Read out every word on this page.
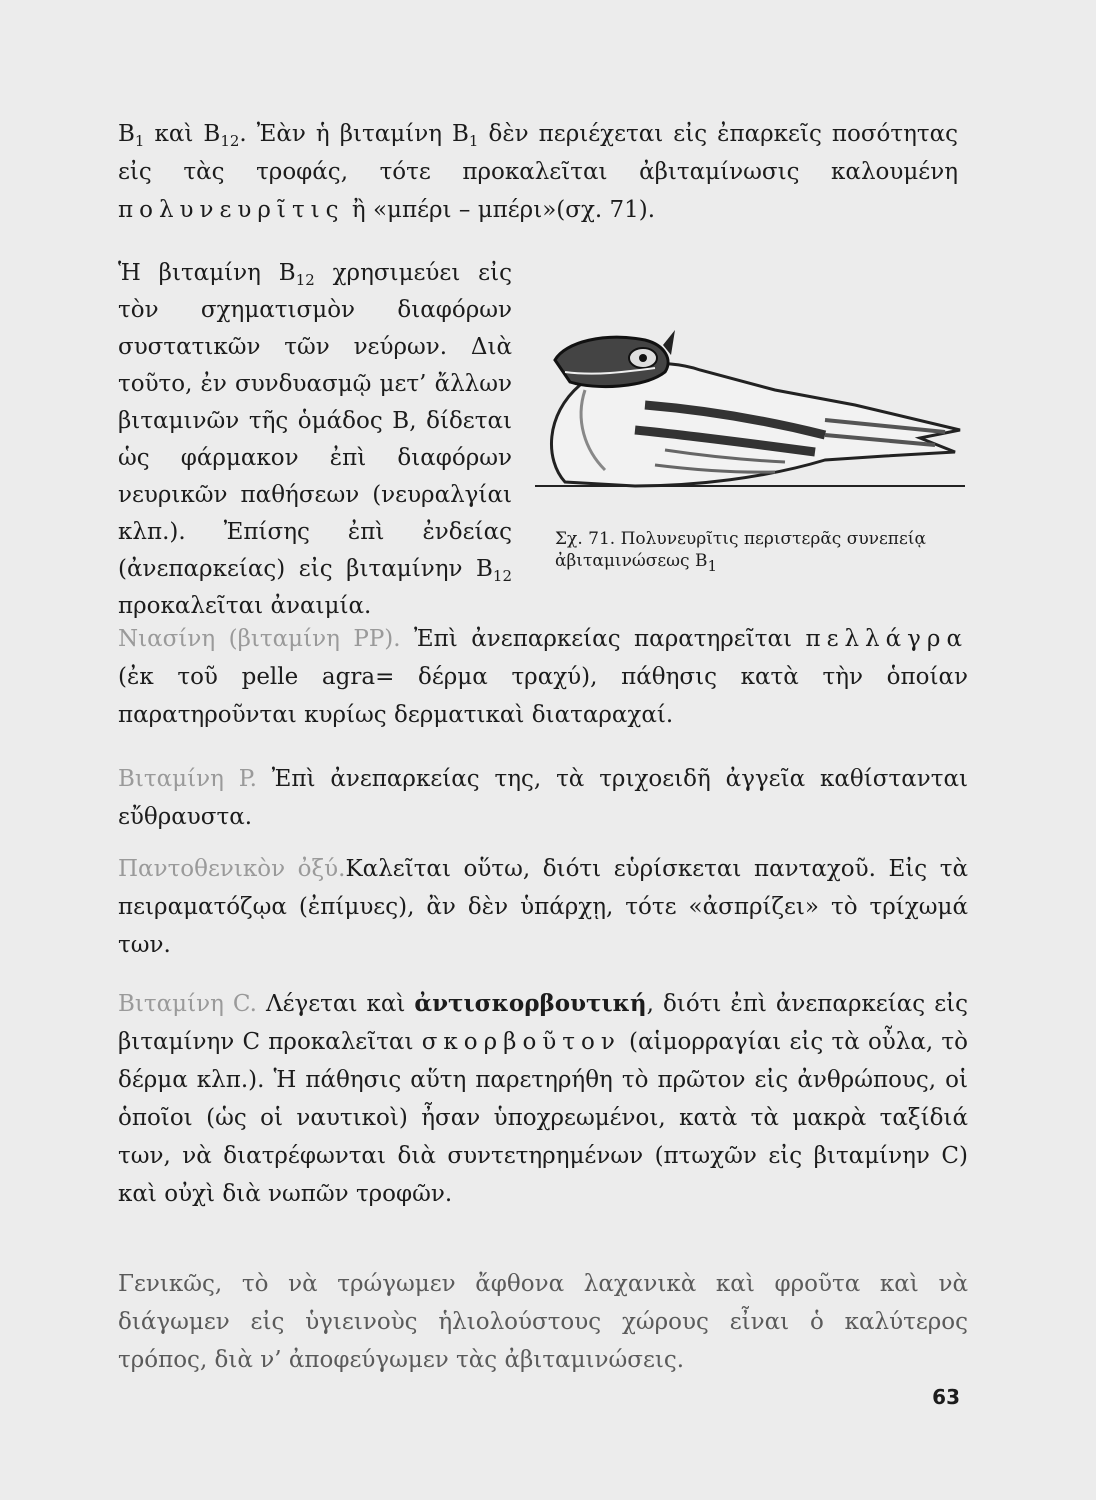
$B_1$ καὶ $B_{12}$. Ἐὰν ἡ βιταμίνη $B_1$ δὲν περιέχεται εἰς ἐπαρκεῖς ποσότητας εἰς τὰς τροφάς, τότε προκαλεῖται ἀβιταμίνωσις καλουμένη πολυνευρῖτις ἢ «μπέρι – μπέρι»(σχ. 71).

Ἡ βιταμίνη $B_{12}$ χρησιμεύει εἰς τὸν σχηματισμὸν διαφόρων συστατικῶν τῶν νεύρων. Διὰ τοῦτο, ἐν συνδυασμῷ μετ’ ἄλλων βιταμινῶν τῆς ὁμάδος B, δίδεται ὡς φάρμακον ἐπὶ διαφόρων νευρικῶν παθήσεων (νευραλγίαι κλπ.). Ἐπίσης ἐπὶ ἐνδείας (ἀνεπαρκείας) εἰς βιταμίνην $B_{12}$ προκαλεῖται ἀναιμία.

Σχ. 71. Πολυνευρῖτις περιστερᾶς συνεπείᾳ ἀβιταμινώσεως $B_1$

Νιασίνη (βιταμίνη PP). Ἐπὶ ἀνεπαρκείας παρατηρεῖται πελλάγρα (ἐκ τοῦ pelle agra= δέρμα τραχύ), πάθησις κατὰ τὴν ὁποίαν παρατηροῦνται κυρίως δερματικαὶ διαταραχαί.

Βιταμίνη P. Ἐπὶ ἀνεπαρκείας της, τὰ τριχοειδῆ ἀγγεῖα καθίστανται εὔθραυστα.

Παντοθενικὸν ὀξύ.Καλεῖται οὕτω, διότι εὑρίσκεται πανταχοῦ. Εἰς τὰ πειραματόζῳα (ἐπίμυες), ἂν δὲν ὑπάρχῃ, τότε «ἀσπρίζει» τὸ τρίχωμά των.

Βιταμίνη C. Λέγεται καὶ ἀντισκορβουτική, διότι ἐπὶ ἀνεπαρκείας εἰς βιταμίνην C προκαλεῖται σκορβοῦτον (αἱμορραγίαι εἰς τὰ οὖλα, τὸ δέρμα κλπ.). Ἡ πάθησις αὕτη παρετηρήθη τὸ πρῶτον εἰς ἀνθρώπους, οἱ ὁποῖοι (ὡς οἱ ναυτικοὶ) ἦσαν ὑποχρεωμένοι, κατὰ τὰ μακρὰ ταξίδιά των, νὰ διατρέφωνται διὰ συντετηρημένων (πτωχῶν εἰς βιταμίνην C) καὶ οὐχὶ διὰ νωπῶν τροφῶν.

Γενικῶς, τὸ νὰ τρώγωμεν ἄφθονα λαχανικὰ καὶ φροῦτα καὶ νὰ διάγωμεν εἰς ὑγιεινοὺς ἡλιολούστους χώρους εἶναι ὁ καλύτερος τρόπος, διὰ ν’ ἀποφεύγωμεν τὰς ἀβιταμινώσεις.

63
